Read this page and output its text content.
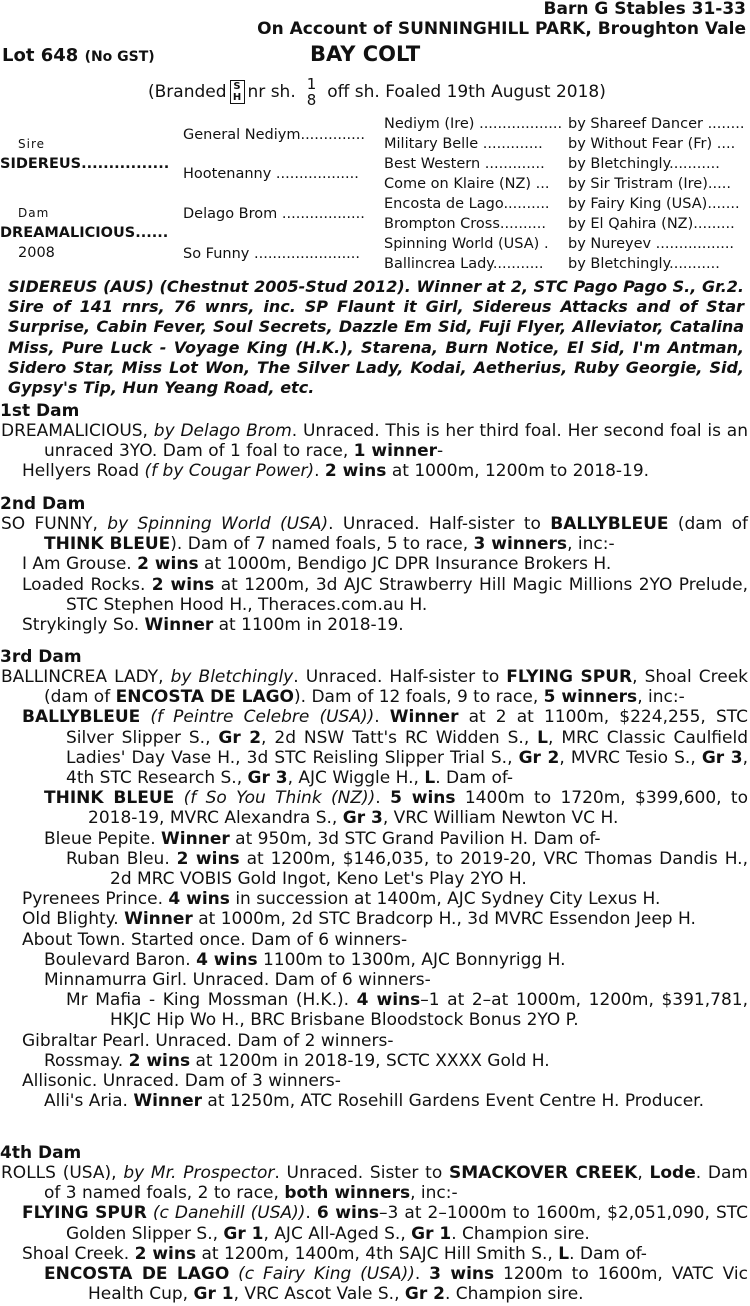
Barn G Stables 31-33
On Account of SUNNINGHILL PARK, Broughton Vale
Lot 648 (No GST)	BAY COLT
(Branded S
H nr sh. 1
8 off sh. Foaled 19th August 2018)
Sire
SIDEREUS................
Dam
DREAMALICIOUS......
2008
General Nediym..............
Hootenanny ..................
Delago Brom ..................
So Funny .......................
Nediym (Ire) ..................
Military Belle .............
Best Western .............
Come on Klaire (NZ) ...
Encosta de Lago..........
Brompton Cross..........
Spinning World (USA) .
Ballincrea Lady...........
by Shareef Dancer ........
by Without Fear (Fr) ....
by Bletchingly...........
by Sir Tristram (Ire).....
by Fairy King (USA).......
by El Qahira (NZ).........
by Nureyev .................
by Bletchingly...........
SIDEREUS (AUS) (Chestnut 2005-Stud 2012). Winner at 2, STC Pago Pago S., Gr.2. Sire of 141 rnrs, 76 wnrs, inc. SP Flaunt it Girl, Sidereus Attacks and of Star Surprise, Cabin Fever, Soul Secrets, Dazzle Em Sid, Fuji Flyer, Alleviator, Catalina Miss, Pure Luck - Voyage King (H.K.), Starena, Burn Notice, El Sid, I'm Antman, Sidero Star, Miss Lot Won, The Silver Lady, Kodai, Aetherius, Ruby Georgie, Sid, Gypsy's Tip, Hun Yeang Road, etc.
1st Dam

DREAMALICIOUS, by Delago Brom. Unraced. This is her third foal. Her second foal is an unraced 3YO. Dam of 1 foal to race, 1 winner-

Hellyers Road (f by Cougar Power). 2 wins at 1000m, 1200m to 2018-19.

2nd Dam

SO FUNNY, by Spinning World (USA). Unraced. Half-sister to BALLYBLEUE (dam of THINK BLEUE). Dam of 7 named foals, 5 to race, 3 winners, inc:-

I Am Grouse. 2 wins at 1000m, Bendigo JC DPR Insurance Brokers H.

Loaded Rocks. 2 wins at 1200m, 3d AJC Strawberry Hill Magic Millions 2YO Prelude, STC Stephen Hood H., Theraces.com.au H.

Strykingly So. Winner at 1100m in 2018-19.

3rd Dam

BALLINCREA LADY, by Bletchingly. Unraced. Half-sister to FLYING SPUR, Shoal Creek (dam of ENCOSTA DE LAGO). Dam of 12 foals, 9 to race, 5 winners, inc:-

BALLYBLEUE (f Peintre Celebre (USA)). Winner at 2 at 1100m, $224,255, STC Silver Slipper S., Gr 2, 2d NSW Tatt's RC Widden S., L, MRC Classic Caulfield Ladies' Day Vase H., 3d STC Reisling Slipper Trial S., Gr 2, MVRC Tesio S., Gr 3, 4th STC Research S., Gr 3, AJC Wiggle H., L. Dam of-

THINK BLEUE (f So You Think (NZ)). 5 wins 1400m to 1720m, $399,600, to 2018-19, MVRC Alexandra S., Gr 3, VRC William Newton VC H.

Bleue Pepite. Winner at 950m, 3d STC Grand Pavilion H. Dam of-

Ruban Bleu. 2 wins at 1200m, $146,035, to 2019-20, VRC Thomas Dandis H., 2d MRC VOBIS Gold Ingot, Keno Let's Play 2YO H.

Pyrenees Prince. 4 wins in succession at 1400m, AJC Sydney City Lexus H.

Old Blighty. Winner at 1000m, 2d STC Bradcorp H., 3d MVRC Essendon Jeep H.

About Town. Started once. Dam of 6 winners-

Boulevard Baron. 4 wins 1100m to 1300m, AJC Bonnyrigg H.

Minnamurra Girl. Unraced. Dam of 6 winners-

Mr Mafia - King Mossman (H.K.). 4 wins–1 at 2–at 1000m, 1200m, $391,781, HKJC Hip Wo H., BRC Brisbane Bloodstock Bonus 2YO P.

Gibraltar Pearl. Unraced. Dam of 2 winners-

Rossmay. 2 wins at 1200m in 2018-19, SCTC XXXX Gold H.

Allisonic. Unraced. Dam of 3 winners-

Alli's Aria. Winner at 1250m, ATC Rosehill Gardens Event Centre H. Producer.

4th Dam

ROLLS (USA), by Mr. Prospector. Unraced. Sister to SMACKOVER CREEK, Lode. Dam of 3 named foals, 2 to race, both winners, inc:-

FLYING SPUR (c Danehill (USA)). 6 wins–3 at 2–1000m to 1600m, $2,051,090, STC Golden Slipper S., Gr 1, AJC All-Aged S., Gr 1. Champion sire.

Shoal Creek. 2 wins at 1200m, 1400m, 4th SAJC Hill Smith S., L. Dam of-

ENCOSTA DE LAGO (c Fairy King (USA)). 3 wins 1200m to 1600m, VATC Vic Health Cup, Gr 1, VRC Ascot Vale S., Gr 2. Champion sire.
